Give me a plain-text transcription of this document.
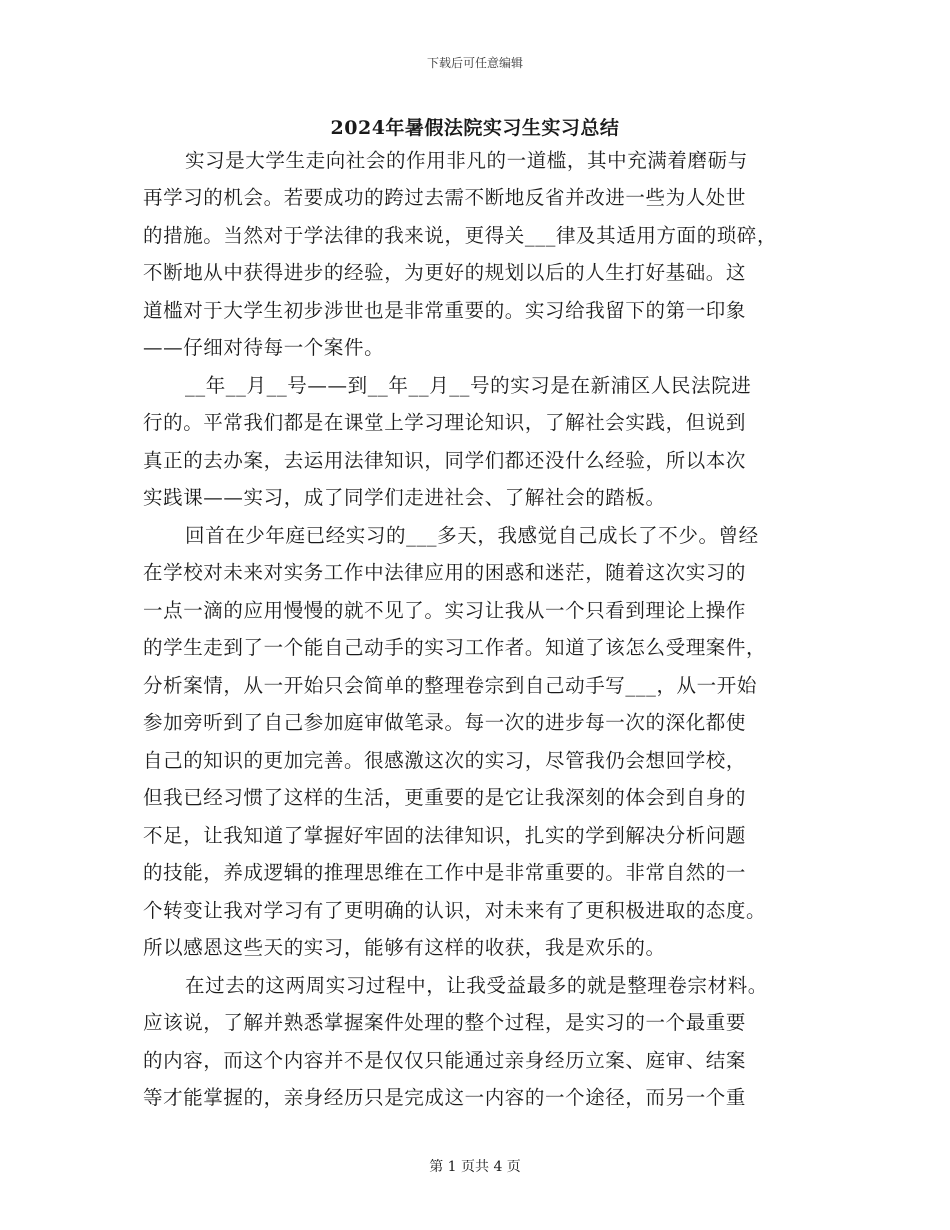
下载后可任意编辑
2024年暑假法院实习生实习总结
实习是大学生走向社会的作用非凡的一道槛，其中充满着磨砺与
再学习的机会。若要成功的跨过去需不断地反省并改进一些为人处世
的措施。当然对于学法律的我来说，更得关___律及其适用方面的琐碎，
不断地从中获得进步的经验，为更好的规划以后的人生打好基础。这
道槛对于大学生初步涉世也是非常重要的。实习给我留下的第一印象
——仔细对待每一个案件。
__年__月__号——到__年__月__号的实习是在新浦区人民法院进
行的。平常我们都是在课堂上学习理论知识，了解社会实践，但说到
真正的去办案，去运用法律知识，同学们都还没什么经验，所以本次
实践课——实习，成了同学们走进社会、了解社会的踏板。
回首在少年庭已经实习的___多天，我感觉自己成长了不少。曾经
在学校对未来对实务工作中法律应用的困惑和迷茫，随着这次实习的
一点一滴的应用慢慢的就不见了。实习让我从一个只看到理论上操作
的学生走到了一个能自己动手的实习工作者。知道了该怎么受理案件，
分析案情，从一开始只会简单的整理卷宗到自己动手写___，从一开始
参加旁听到了自己参加庭审做笔录。每一次的进步每一次的深化都使
自己的知识的更加完善。很感激这次的实习，尽管我仍会想回学校，
但我已经习惯了这样的生活，更重要的是它让我深刻的体会到自身的
不足，让我知道了掌握好牢固的法律知识，扎实的学到解决分析问题
的技能，养成逻辑的推理思维在工作中是非常重要的。非常自然的一
个转变让我对学习有了更明确的认识，对未来有了更积极进取的态度。
所以感恩这些天的实习，能够有这样的收获，我是欢乐的。
在过去的这两周实习过程中，让我受益最多的就是整理卷宗材料。
应该说，了解并熟悉掌握案件处理的整个过程，是实习的一个最重要
的内容，而这个内容并不是仅仅只能通过亲身经历立案、庭审、结案
等才能掌握的，亲身经历只是完成这一内容的一个途径，而另一个重
第 1 页共 4 页
